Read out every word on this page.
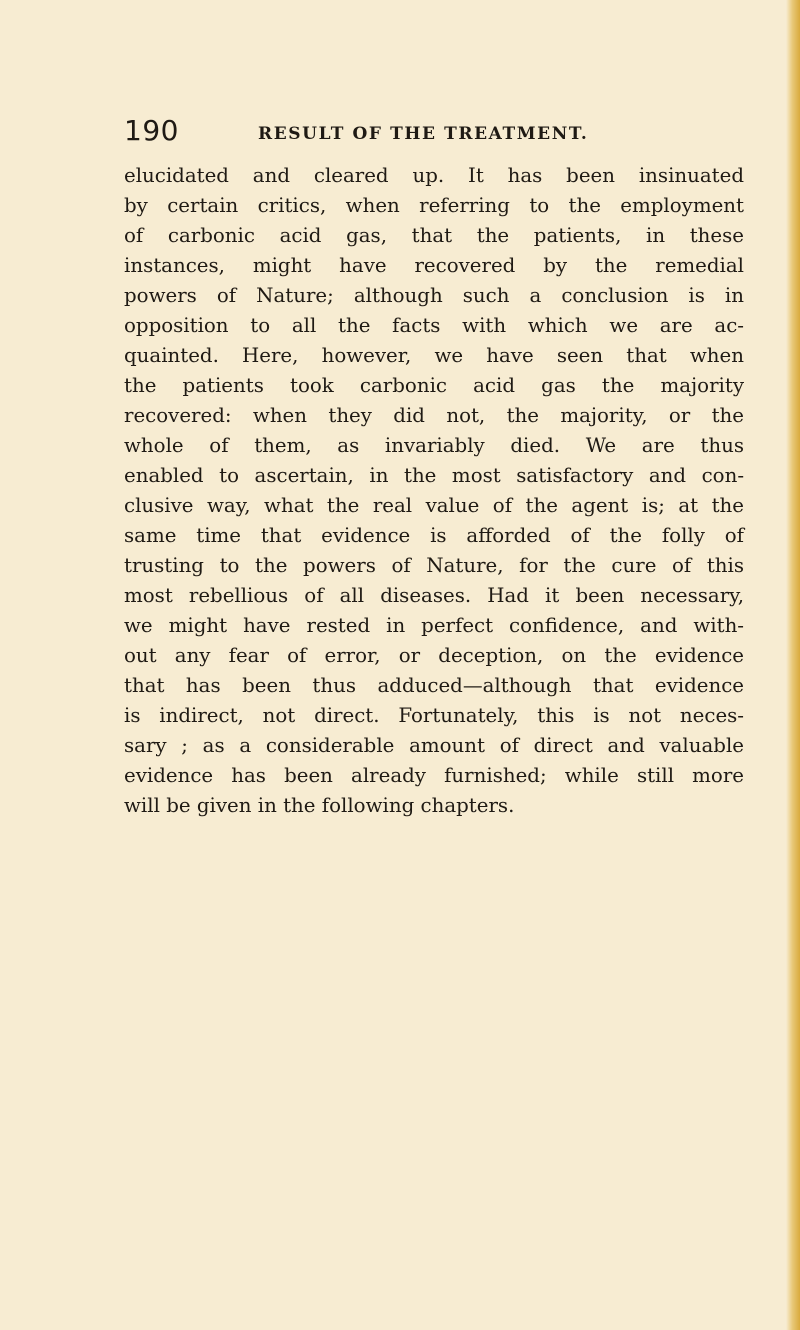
190	RESULT OF THE TREATMENT.
elucidated and cleared up. It has been insinuated
by certain critics, when referring to the employment
of carbonic acid gas, that the patients, in these
instances, might have recovered by the remedial
powers of Nature; although such a conclusion is in
opposition to all the facts with which we are ac-
quainted. Here, however, we have seen that when
the patients took carbonic acid gas the majority
recovered: when they did not, the majority, or the
whole of them, as invariably died. We are thus
enabled to ascertain, in the most satisfactory and con-
clusive way, what the real value of the agent is; at the
same time that evidence is afforded of the folly of
trusting to the powers of Nature, for the cure of this
most rebellious of all diseases. Had it been necessary,
we might have rested in perfect confidence, and with-
out any fear of error, or deception, on the evidence
that has been thus adduced—although that evidence
is indirect, not direct. Fortunately, this is not neces-
sary ; as a considerable amount of direct and valuable
evidence has been already furnished; while still more
will be given in the following chapters.
